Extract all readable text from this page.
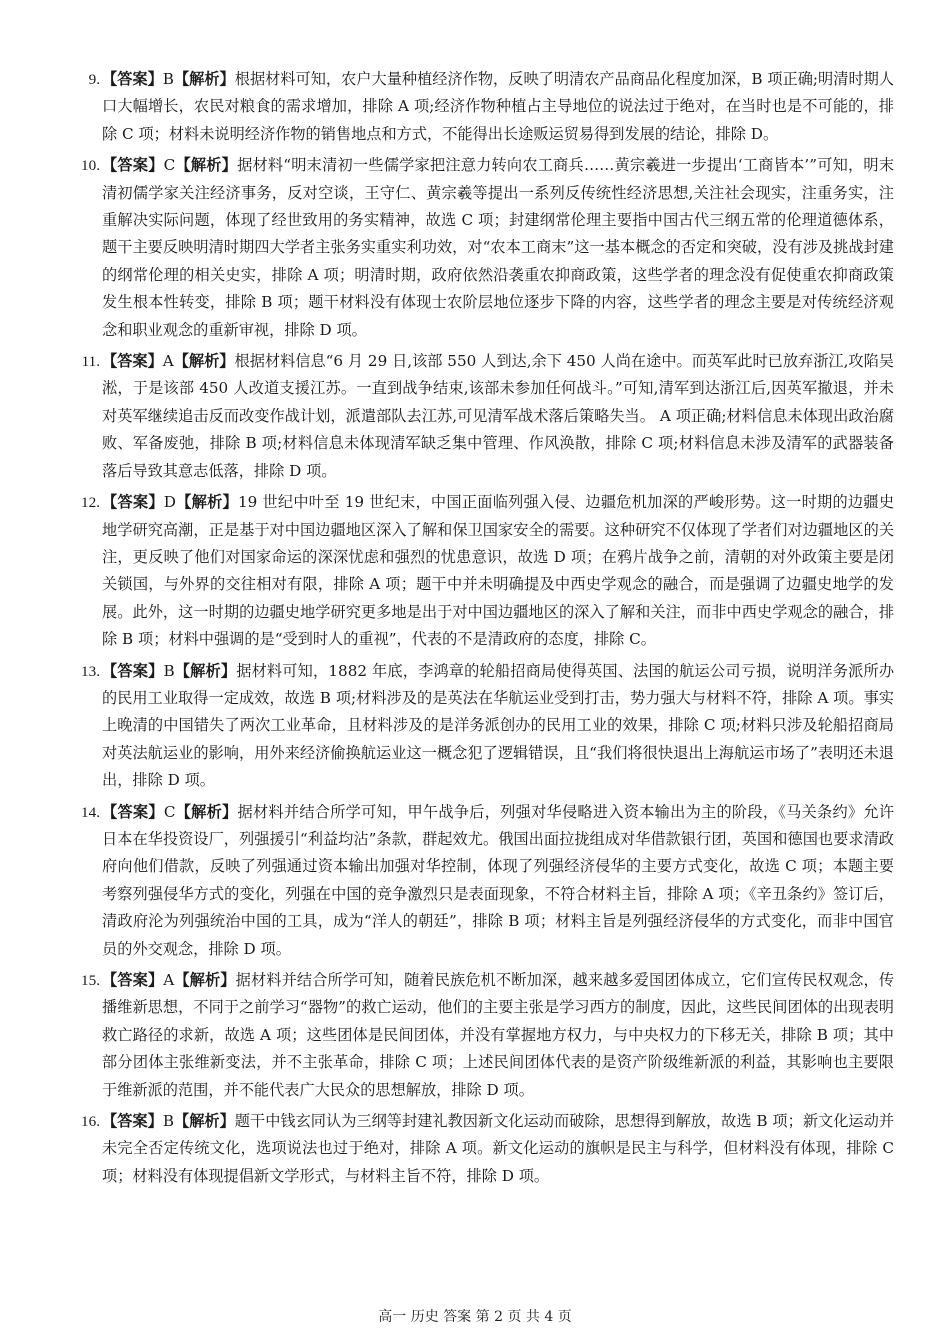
9. 【答案】B【解析】根据材料可知，农户大量种植经济作物，反映了明清农产品商品化程度加深，B 项正确;明清时期人口大幅增长，农民对粮食的需求增加，排除 A 项;经济作物种植占主导地位的说法过于绝对，在当时也是不可能的，排除 C 项；材料未说明经济作物的销售地点和方式，不能得出长途贩运贸易得到发展的结论，排除 D。
10. 【答案】C【解析】据材料“明末清初一些儒学家把注意力转向农工商兵……黄宗羲进一步提出‘工商皆本’”可知，明末清初儒学家关注经济事务，反对空谈，王守仁、黄宗羲等提出一系列反传统性经济思想,关注社会现实，注重务实，注重解决实际问题，体现了经世致用的务实精神，故选 C 项；封建纲常伦理主要指中国古代三纲五常的伦理道德体系，题干主要反映明清时期四大学者主张务实重实利功效，对“农本工商末”这一基本概念的否定和突破，没有涉及挑战封建的纲常伦理的相关史实，排除 A 项；明清时期，政府依然沿袭重农抑商政策，这些学者的理念没有促使重农抑商政策发生根本性转变，排除 B 项；题干材料没有体现士农阶层地位逐步下降的内容，这些学者的理念主要是对传统经济观念和职业观念的重新审视，排除 D 项。
11. 【答案】A【解析】根据材料信息“6 月 29 日,该部 550 人到达,余下 450 人尚在途中。而英军此时已放弃浙江,攻陷吴淞，于是该部 450 人改道支援江苏。一直到战争结束,该部未参加任何战斗。”可知,清军到达浙江后,因英军撤退，并未对英军继续追击反而改变作战计划，派遣部队去江苏,可见清军战术落后策略失当。 A 项正确;材料信息未体现出政治腐败、军备废弛，排除 B 项;材料信息未体现清军缺乏集中管理、作风涣散，排除 C 项;材料信息未涉及清军的武器装备落后导致其意志低落，排除 D 项。
12. 【答案】D【解析】19 世纪中叶至 19 世纪末，中国正面临列强入侵、边疆危机加深的严峻形势。这一时期的边疆史地学研究高潮，正是基于对中国边疆地区深入了解和保卫国家安全的需要。这种研究不仅体现了学者们对边疆地区的关注，更反映了他们对国家命运的深深忧虑和强烈的忧患意识，故选 D 项；在鸦片战争之前，清朝的对外政策主要是闭关锁国，与外界的交往相对有限，排除 A 项；题干中并未明确提及中西史学观念的融合，而是强调了边疆史地学的发展。此外，这一时期的边疆史地学研究更多地是出于对中国边疆地区的深入了解和关注，而非中西史学观念的融合，排除 B 项；材料中强调的是“受到时人的重视”，代表的不是清政府的态度，排除 C。
13. 【答案】B【解析】据材料可知，1882 年底，李鸿章的轮船招商局使得英国、法国的航运公司亏损，说明洋务派所办的民用工业取得一定成效，故选 B 项;材料涉及的是英法在华航运业受到打击，势力强大与材料不符，排除 A 项。事实上晚清的中国错失了两次工业革命，且材料涉及的是洋务派创办的民用工业的效果，排除 C 项;材料只涉及轮船招商局对英法航运业的影响，用外来经济偷换航运业这一概念犯了逻辑错误，且“我们将很快退出上海航运市场了”表明还未退出，排除 D 项。
14. 【答案】C【解析】据材料并结合所学可知，甲午战争后，列强对华侵略进入资本输出为主的阶段，《马关条约》允许日本在华投资设厂，列强援引“利益均沾”条款，群起效尤。俄国出面拉拢组成对华借款银行团，英国和德国也要求清政府向他们借款，反映了列强通过资本输出加强对华控制，体现了列强经济侵华的主要方式变化，故选 C 项；本题主要考察列强侵华方式的变化，列强在中国的竞争激烈只是表面现象，不符合材料主旨，排除 A 项；《辛丑条约》签订后，清政府沦为列强统治中国的工具，成为“洋人的朝廷”，排除 B 项；材料主旨是列强经济侵华的方式变化，而非中国官员的外交观念，排除 D 项。
15. 【答案】A【解析】据材料并结合所学可知，随着民族危机不断加深，越来越多爱国团体成立，它们宣传民权观念，传播维新思想，不同于之前学习“器物”的救亡运动，他们的主要主张是学习西方的制度，因此，这些民间团体的出现表明救亡路径的求新，故选 A 项；这些团体是民间团体，并没有掌握地方权力，与中央权力的下移无关，排除 B 项；其中部分团体主张维新变法，并不主张革命，排除 C 项；上述民间团体代表的是资产阶级维新派的利益，其影响也主要限于维新派的范围，并不能代表广大民众的思想解放，排除 D 项。
16. 【答案】B【解析】题干中钱玄同认为三纲等封建礼教因新文化运动而破除，思想得到解放，故选 B 项；新文化运动并未完全否定传统文化，选项说法也过于绝对，排除 A 项。新文化运动的旗帜是民主与科学，但材料没有体现，排除 C 项；材料没有体现提倡新文学形式，与材料主旨不符，排除 D 项。
高一 历史 答案 第 2 页 共 4 页
